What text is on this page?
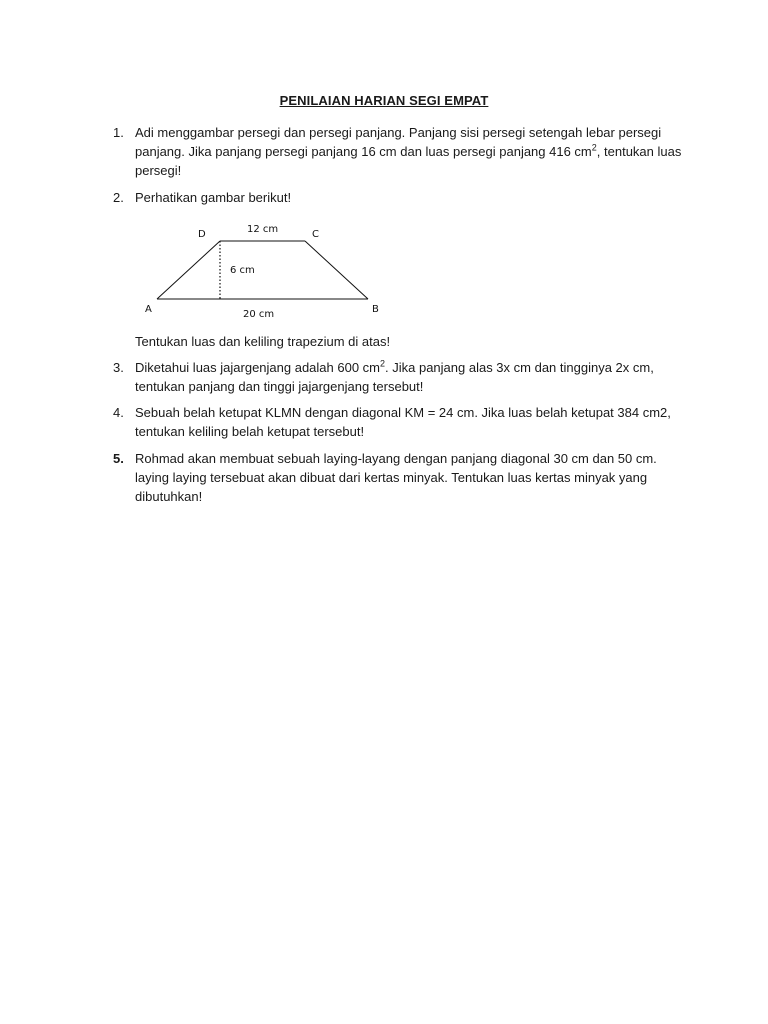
PENILAIAN HARIAN SEGI EMPAT
1. Adi menggambar persegi dan persegi panjang. Panjang sisi persegi setengah lebar persegi panjang. Jika panjang persegi panjang 16 cm dan luas persegi panjang 416 $cm^2$, tentukan luas persegi!
2. Perhatikan gambar berikut!
D	C
A	B
12 cm
6 cm
20 cm
Tentukan luas dan keliling trapezium di atas!
3. Diketahui luas jajargenjang adalah 600 $cm^2$. Jika panjang alas 3x cm dan tingginya 2x cm, tentukan panjang dan tinggi jajargenjang tersebut!
4. Sebuah belah ketupat KLMN dengan diagonal KM = 24 cm. Jika luas belah ketupat 384 cm2, tentukan keliling belah ketupat tersebut!
5. Rohmad akan membuat sebuah laying-layang dengan panjang diagonal 30 cm dan 50 cm. laying laying tersebuat akan dibuat dari kertas minyak. Tentukan luas kertas minyak yang dibutuhkan!
